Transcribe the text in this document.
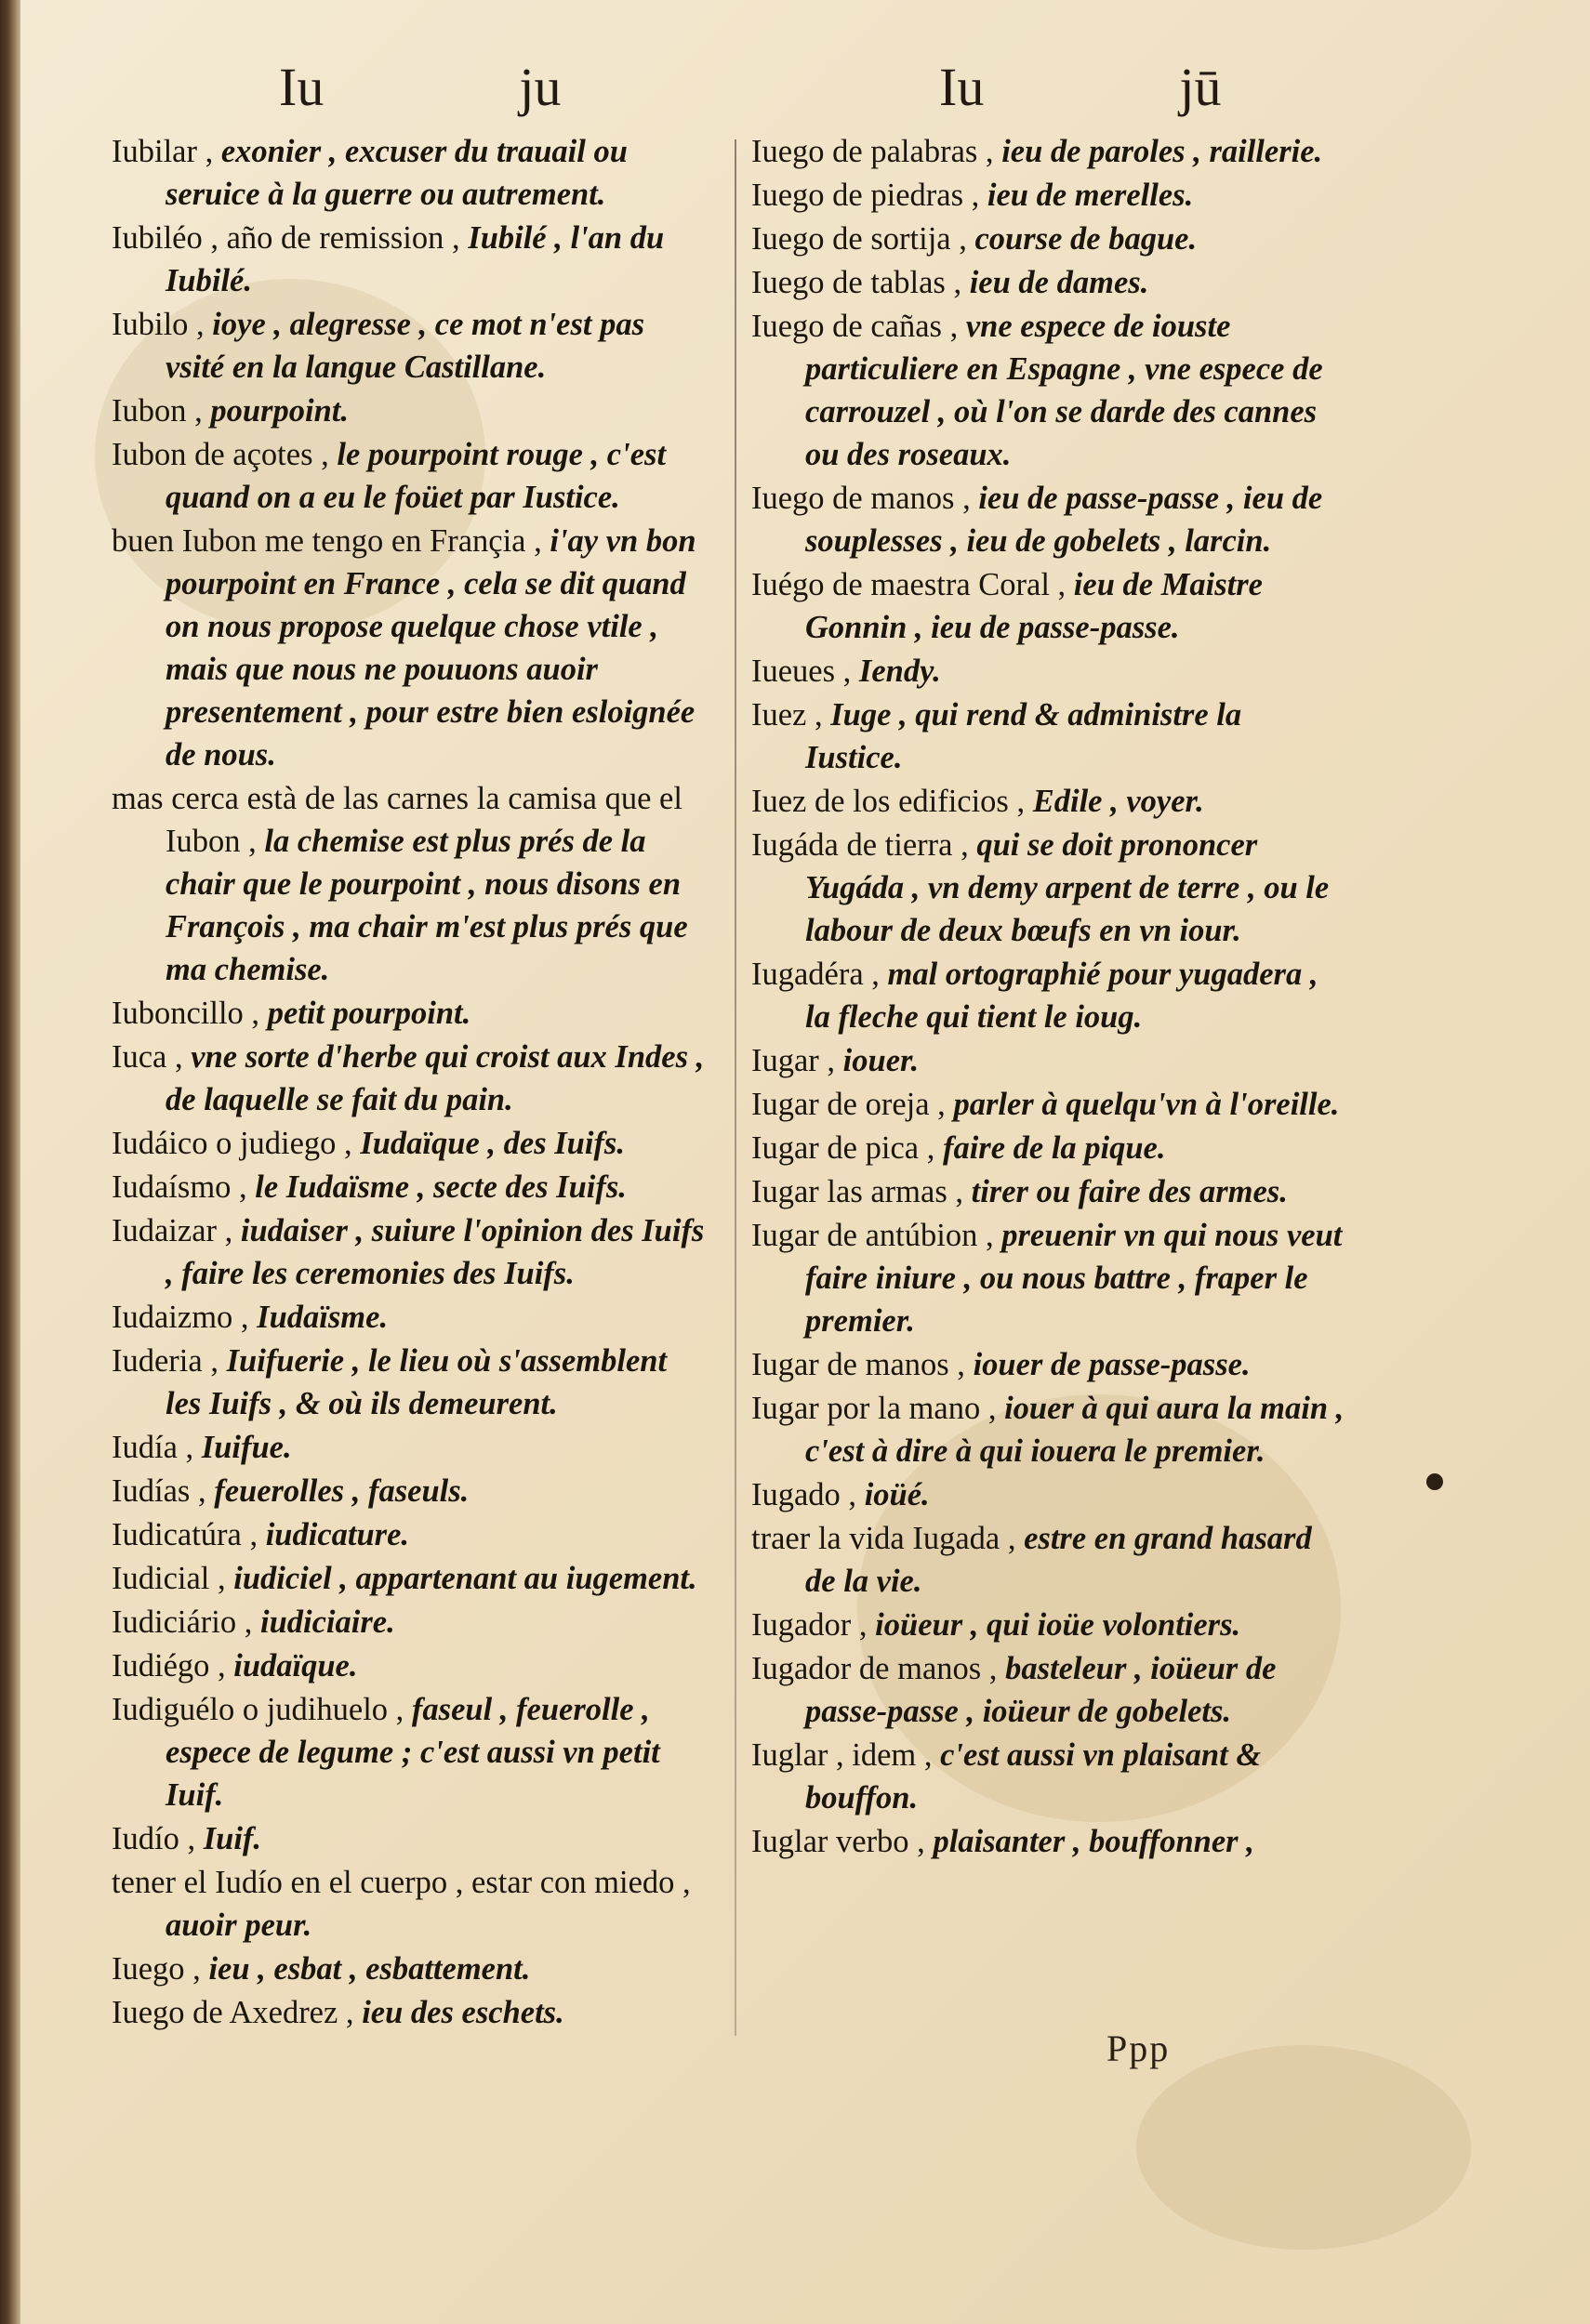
Iu	ju	Iu	jū
Iubilar , exonier , excuser du trauail ou seruice à la guerre ou autrement.
Iubiléo , año de remission , Iubilé , l'an du Iubilé.
Iubilo , ioye , alegresse , ce mot n'est pas vsité en la langue Castillane.
Iubon , pourpoint.
Iubon de açotes , le pourpoint rouge , c'est quand on a eu le foüet par Iustice.
buen Iubon me tengo en Françia , i'ay vn bon pourpoint en France , cela se dit quand on nous propose quelque chose vtile , mais que nous ne pouuons auoir presentement , pour estre bien esloignée de nous.
mas cerca està de las carnes la camisa que el Iubon , la chemise est plus prés de la chair que le pourpoint , nous disons en François , ma chair m'est plus prés que ma chemise.
Iuboncillo , petit pourpoint.
Iuca , vne sorte d'herbe qui croist aux Indes , de laquelle se fait du pain.
Iudáico o judiego , Iudaïque , des Iuifs.
Iudaísmo , le Iudaïsme , secte des Iuifs.
Iudaizar , iudaiser , suiure l'opinion des Iuifs , faire les ceremonies des Iuifs.
Iudaizmo , Iudaïsme.
Iuderia , Iuifuerie , le lieu où s'assemblent les Iuifs , & où ils demeurent.
Iudía , Iuifue.
Iudías , feuerolles , faseuls.
Iudicatúra , iudicature.
Iudicial , iudiciel , appartenant au iugement.
Iudiciário , iudiciaire.
Iudiégo , iudaïque.
Iudiguélo o judihuelo , faseul , feuerolle , espece de legume ; c'est aussi vn petit Iuif.
Iudío , Iuif.
tener el Iudío en el cuerpo , estar con miedo , auoir peur.
Iuego , ieu , esbat , esbattement.
Iuego de Axedrez , ieu des eschets.
Iuego de palabras , ieu de paroles , raillerie.
Iuego de piedras , ieu de merelles.
Iuego de sortija , course de bague.
Iuego de tablas , ieu de dames.
Iuego de cañas , vne espece de iouste particuliere en Espagne , vne espece de carrouzel , où l'on se darde des cannes ou des roseaux.
Iuego de manos , ieu de passe-passe , ieu de souplesses , ieu de gobelets , larcin.
Iuégo de maestra Coral , ieu de Maistre Gonnin , ieu de passe-passe.
Iueues , Iendy.
Iuez , Iuge , qui rend & administre la Iustice.
Iuez de los edificios , Edile , voyer.
Iugáda de tierra , qui se doit prononcer Yugáda , vn demy arpent de terre , ou le labour de deux bœufs en vn iour.
Iugadéra , mal ortographié pour yugadera , la fleche qui tient le ioug.
Iugar , iouer.
Iugar de oreja , parler à quelqu'vn à l'oreille.
Iugar de pica , faire de la pique.
Iugar las armas , tirer ou faire des armes.
Iugar de antúbion , preuenir vn qui nous veut faire iniure , ou nous battre , fraper le premier.
Iugar de manos , iouer de passe-passe.
Iugar por la mano , iouer à qui aura la main , c'est à dire à qui iouera le premier.
Iugado , ioüé.
traer la vida Iugada , estre en grand hasard de la vie.
Iugador , ioüeur , qui ioüe volontiers.
Iugador de manos , basteleur , ioüeur de passe-passe , ioüeur de gobelets.
Iuglar , idem , c'est aussi vn plaisant & bouffon.
Iuglar verbo , plaisanter , bouffonner ,
Ppp
